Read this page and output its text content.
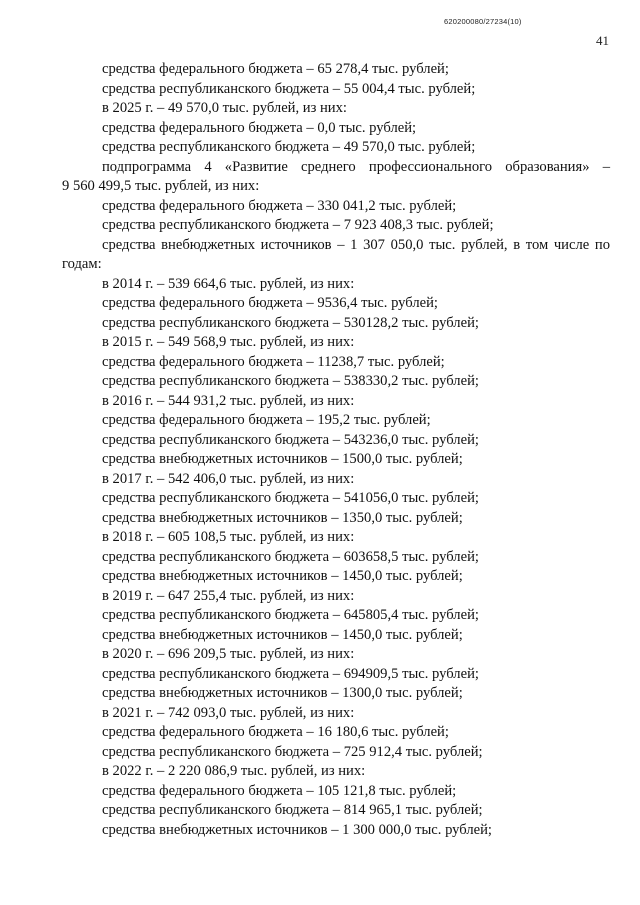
620200080/27234(10)
41
средства федерального бюджета – 65 278,4 тыс. рублей;
средства республиканского бюджета – 55 004,4 тыс. рублей;
в 2025 г. – 49 570,0 тыс. рублей, из них:
средства федерального бюджета – 0,0 тыс. рублей;
средства республиканского бюджета – 49 570,0 тыс. рублей;
подпрограмма 4 «Развитие среднего профессионального образования» –
9 560 499,5 тыс. рублей, из них:
средства федерального бюджета – 330 041,2 тыс. рублей;
средства республиканского бюджета – 7 923 408,3 тыс. рублей;
средства внебюджетных источников – 1 307 050,0 тыс. рублей, в том числе по
годам:
в 2014 г. – 539 664,6 тыс. рублей, из них:
средства федерального бюджета – 9536,4 тыс. рублей;
средства республиканского бюджета – 530128,2 тыс. рублей;
в 2015 г. – 549 568,9 тыс. рублей, из них:
средства федерального бюджета – 11238,7 тыс. рублей;
средства республиканского бюджета – 538330,2 тыс. рублей;
в 2016 г. – 544 931,2 тыс. рублей, из них:
средства федерального бюджета – 195,2 тыс. рублей;
средства республиканского бюджета – 543236,0 тыс. рублей;
средства внебюджетных источников – 1500,0 тыс. рублей;
в 2017 г. – 542 406,0 тыс. рублей, из них:
средства республиканского бюджета – 541056,0 тыс. рублей;
средства внебюджетных источников – 1350,0 тыс. рублей;
в 2018 г. – 605 108,5 тыс. рублей, из них:
средства республиканского бюджета – 603658,5 тыс. рублей;
средства внебюджетных источников – 1450,0 тыс. рублей;
в 2019 г. – 647 255,4 тыс. рублей, из них:
средства республиканского бюджета – 645805,4 тыс. рублей;
средства внебюджетных источников – 1450,0 тыс. рублей;
в 2020 г. – 696 209,5 тыс. рублей, из них:
средства республиканского бюджета – 694909,5 тыс. рублей;
средства внебюджетных источников – 1300,0 тыс. рублей;
в 2021 г. – 742 093,0 тыс. рублей, из них:
средства федерального бюджета – 16 180,6 тыс. рублей;
средства республиканского бюджета – 725 912,4 тыс. рублей;
в 2022 г. – 2 220 086,9 тыс. рублей, из них:
средства федерального бюджета – 105 121,8 тыс. рублей;
средства республиканского бюджета – 814 965,1 тыс. рублей;
средства внебюджетных источников – 1 300 000,0 тыс. рублей;
